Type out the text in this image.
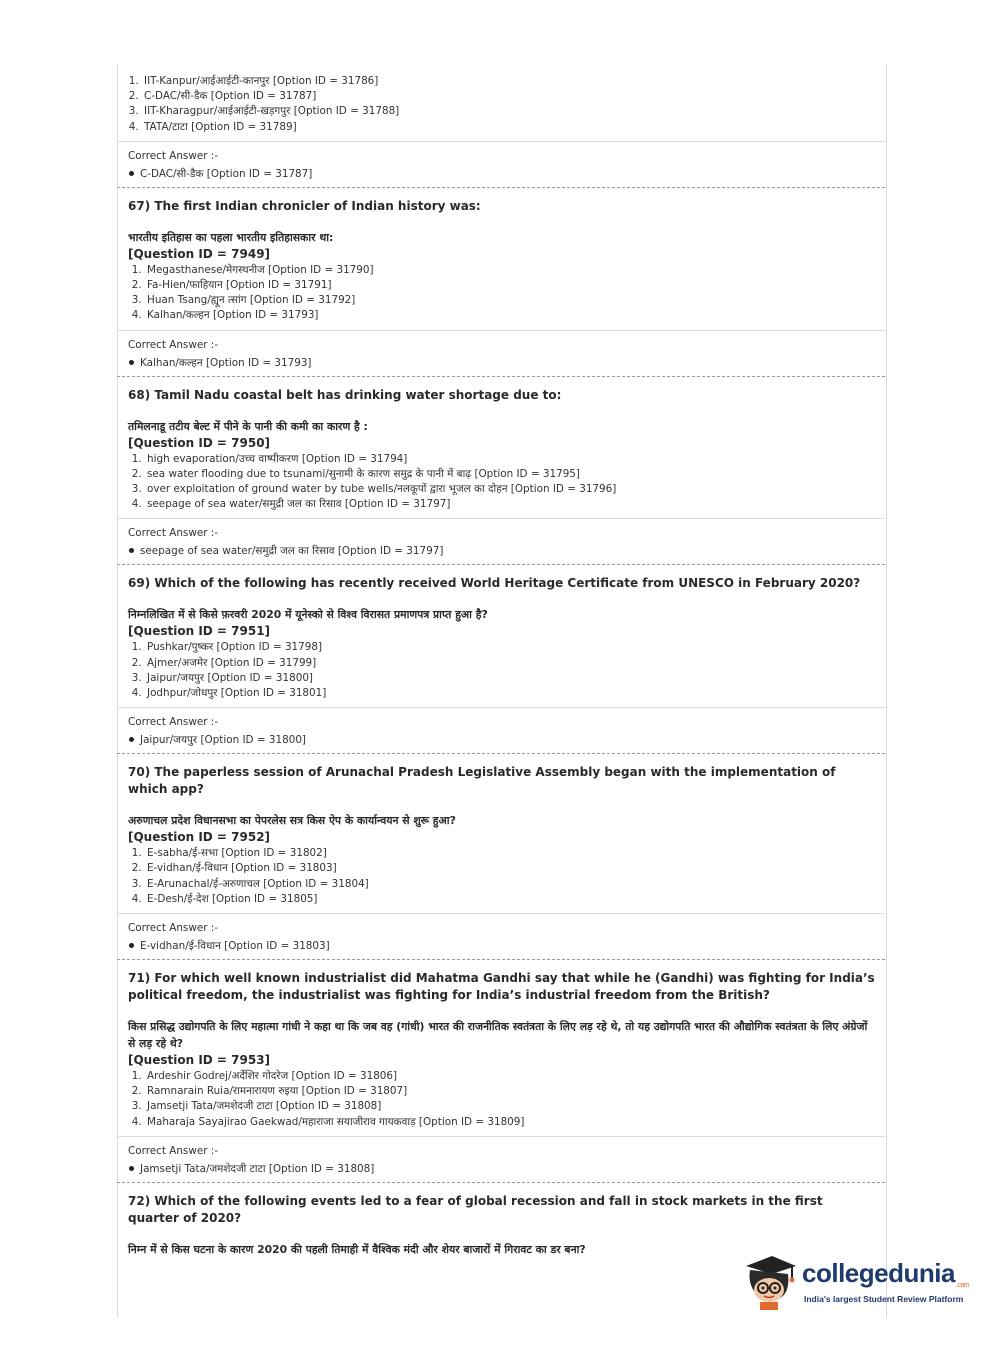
1. IIT-Kanpur/आईआईटी-कानपुर [Option ID = 31786]
2. C-DAC/सी-डैक [Option ID = 31787]
3. IIT-Kharagpur/आईआईटी-खड़गपुर [Option ID = 31788]
4. TATA/टाटा [Option ID = 31789]
Correct Answer :-
C-DAC/सी-डैक [Option ID = 31787]
67) The first Indian chronicler of Indian history was:
भारतीय इतिहास का पहला भारतीय इतिहासकार था:
[Question ID = 7949]
1. Megasthanese/मेगस्थनीज [Option ID = 31790]
2. Fa-Hien/फाहियान [Option ID = 31791]
3. Huan Tsang/ह्यून त्सांग [Option ID = 31792]
4. Kalhan/कल्हन [Option ID = 31793]
Correct Answer :-
Kalhan/कल्हन [Option ID = 31793]
68) Tamil Nadu coastal belt has drinking water shortage due to:
तमिलनाडू तटीय बेल्ट में पीने के पानी की कमी का कारण है :
[Question ID = 7950]
1. high evaporation/उच्च वाष्पीकरण [Option ID = 31794]
2. sea water flooding due to tsunami/सुनामी के कारण समुद्र के पानी में बाढ़ [Option ID = 31795]
3. over exploitation of ground water by tube wells/नलकूपों द्वारा भूजल का दोहन [Option ID = 31796]
4. seepage of sea water/समुद्री जल का रिसाव [Option ID = 31797]
Correct Answer :-
seepage of sea water/समुद्री जल का रिसाव [Option ID = 31797]
69) Which of the following has recently received World Heritage Certificate from UNESCO in February 2020?
निम्नलिखित में से किसे फ़रवरी 2020 में यूनेस्को से विश्व विरासत प्रमाणपत्र प्राप्त हुआ है?
[Question ID = 7951]
1. Pushkar/पुष्कर [Option ID = 31798]
2. Ajmer/अजमेर [Option ID = 31799]
3. Jaipur/जयपुर [Option ID = 31800]
4. Jodhpur/जोधपुर [Option ID = 31801]
Correct Answer :-
Jaipur/जयपुर [Option ID = 31800]
70) The paperless session of Arunachal Pradesh Legislative Assembly began with the implementation of which app?
अरुणाचल प्रदेश विधानसभा का पेपरलेस सत्र किस ऐप के कार्यान्वयन से शुरू हुआ?
[Question ID = 7952]
1. E-sabha/ई-सभा [Option ID = 31802]
2. E-vidhan/ई-विधान [Option ID = 31803]
3. E-Arunachal/ई-अरुणाचल [Option ID = 31804]
4. E-Desh/ई-देश [Option ID = 31805]
Correct Answer :-
E-vidhan/ई-विधान [Option ID = 31803]
71) For which well known industrialist did Mahatma Gandhi say that while he (Gandhi) was fighting for India’s political freedom, the industrialist was fighting for India’s industrial freedom from the British?
किस प्रसिद्ध उद्योगपति के लिए महात्मा गांधी ने कहा था कि जब वह (गांधी) भारत की राजनीतिक स्वतंत्रता के लिए लड़ रहे थे, तो यह उद्योगपति भारत की औद्योगिक स्वतंत्रता के लिए अंग्रेजों से लड़ रहे थे?
[Question ID = 7953]
1. Ardeshir Godrej/अर्देशिर गोदरेज [Option ID = 31806]
2. Ramnarain Ruia/रामनारायण रुइया [Option ID = 31807]
3. Jamsetji Tata/जमशेदजी टाटा [Option ID = 31808]
4. Maharaja Sayajirao Gaekwad/महाराजा सयाजीराव गायकवाड़ [Option ID = 31809]
Correct Answer :-
Jamsetji Tata/जमशेदजी टाटा [Option ID = 31808]
72) Which of the following events led to a fear of global recession and fall in stock markets in the first quarter of 2020?
निम्न में से किस घटना के कारण 2020 की पहली तिमाही में वैश्विक मंदी और शेयर बाजारों में गिरावट का डर बना?
collegedunia.com
India's largest Student Review Platform
